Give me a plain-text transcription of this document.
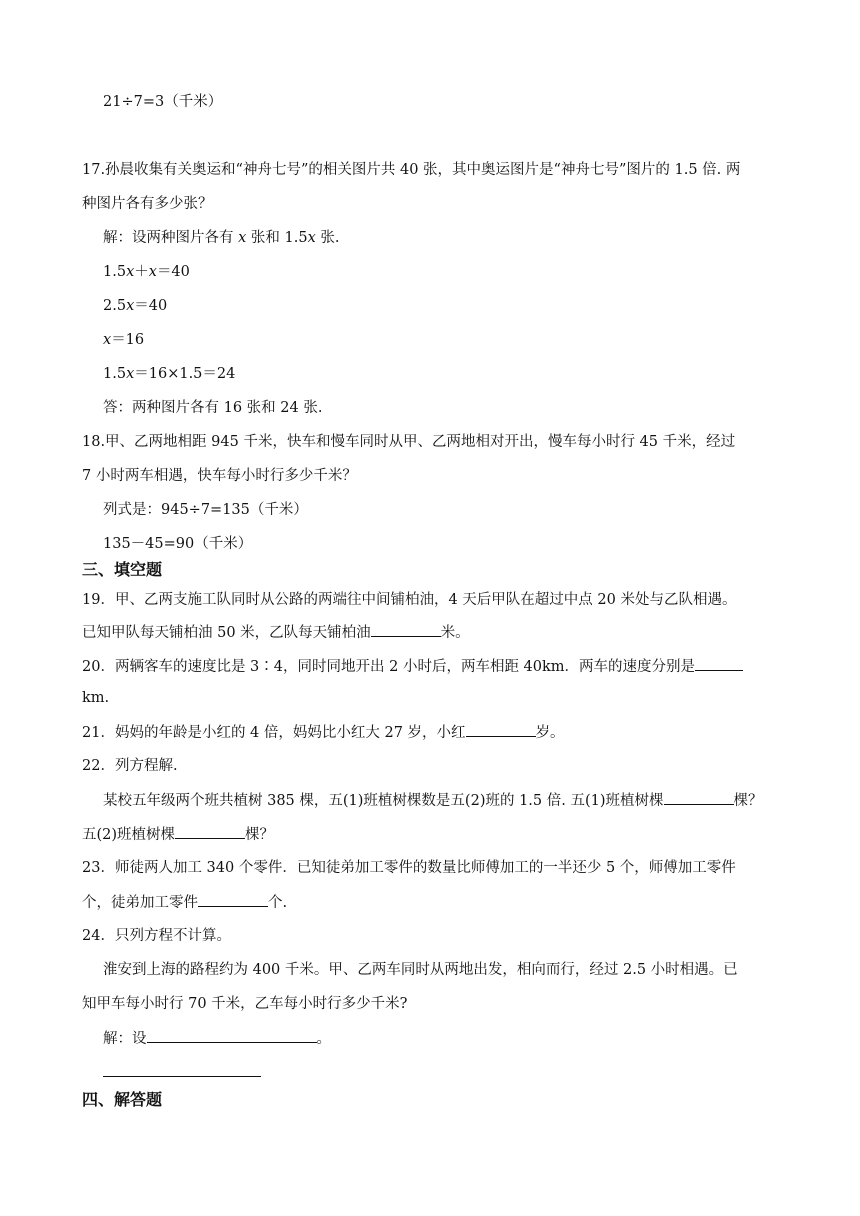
21÷7=3（千米）
17.孙晨收集有关奥运和“神舟七号”的相关图片共 40 张，其中奥运图片是“神舟七号”图片的 1.5 倍. 两
种图片各有多少张？
解：设两种图片各有 x 张和 1.5x 张.
1.5x＋x＝40
2.5x＝40
x＝16
1.5x＝16×1.5＝24
答：两种图片各有 16 张和 24 张.
18.甲、乙两地相距 945 千米，快车和慢车同时从甲、乙两地相对开出，慢车每小时行 45 千米，经过
7 小时两车相遇，快车每小时行多少千米？
列式是：945÷7=135（千米）
135－45=90（千米）
三、填空题
19．甲、乙两支施工队同时从公路的两端往中间铺柏油，4 天后甲队在超过中点 20 米处与乙队相遇。
已知甲队每天铺柏油 50 米，乙队每天铺柏油	米。
20．两辆客车的速度比是 3∶4，同时同地开出 2 小时后，两车相距 40km．两车的速度分别是
km.
21．妈妈的年龄是小红的 4 倍，妈妈比小红大 27 岁，小红	岁。
22．列方程解.
某校五年级两个班共植树 385 棵，五(1)班植树棵数是五(2)班的 1.5 倍. 五(1)班植树棵	棵？
五(2)班植树棵	棵？
23．师徒两人加工 340 个零件．已知徒弟加工零件的数量比师傅加工的一半还少 5 个，师傅加工零件
个，徒弟加工零件	个.
24．只列方程不计算。
淮安到上海的路程约为 400 千米。甲、乙两车同时从两地出发，相向而行，经过 2.5 小时相遇。已
知甲车每小时行 70 千米，乙车每小时行多少千米?
解：设	。
四、解答题
